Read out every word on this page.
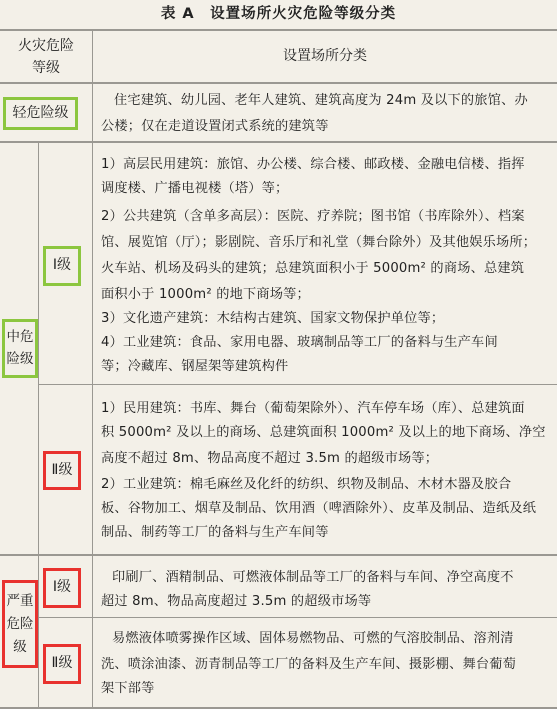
表 A　设置场所火灾危险等级分类
火灾危险
等级
设置场所分类
轻危险级
住宅建筑、幼儿园、老年人建筑、建筑高度为 24m 及以下的旅馆、办
公楼；仅在走道设置闭式系统的建筑等
中危
险级
Ⅰ级
1）高层民用建筑：旅馆、办公楼、综合楼、邮政楼、金融电信楼、指挥
调度楼、广播电视楼（塔）等；
2）公共建筑（含单多高层）：医院、疗养院；图书馆（书库除外）、档案
馆、展览馆（厅）；影剧院、音乐厅和礼堂（舞台除外）及其他娱乐场所；
火车站、机场及码头的建筑；总建筑面积小于 5000m² 的商场、总建筑
面积小于 1000m² 的地下商场等；
3）文化遗产建筑：木结构古建筑、国家文物保护单位等；
4）工业建筑：食品、家用电器、玻璃制品等工厂的备料与生产车间
等；冷藏库、钢屋架等建筑构件
Ⅱ级
1）民用建筑：书库、舞台（葡萄架除外）、汽车停车场（库）、总建筑面
积 5000m² 及以上的商场、总建筑面积 1000m² 及以上的地下商场、净空
高度不超过 8m、物品高度不超过 3.5m 的超级市场等；
2）工业建筑：棉毛麻丝及化纤的纺织、织物及制品、木材木器及胶合
板、谷物加工、烟草及制品、饮用酒（啤酒除外）、皮革及制品、造纸及纸
制品、制药等工厂的备料与生产车间等
严重
危险
级
Ⅰ级
印刷厂、酒精制品、可燃液体制品等工厂的备料与车间、净空高度不
超过 8m、物品高度超过 3.5m 的超级市场等
Ⅱ级
易燃液体喷雾操作区域、固体易燃物品、可燃的气溶胶制品、溶剂清
洗、喷涂油漆、沥青制品等工厂的备料及生产车间、摄影棚、舞台葡萄
架下部等
